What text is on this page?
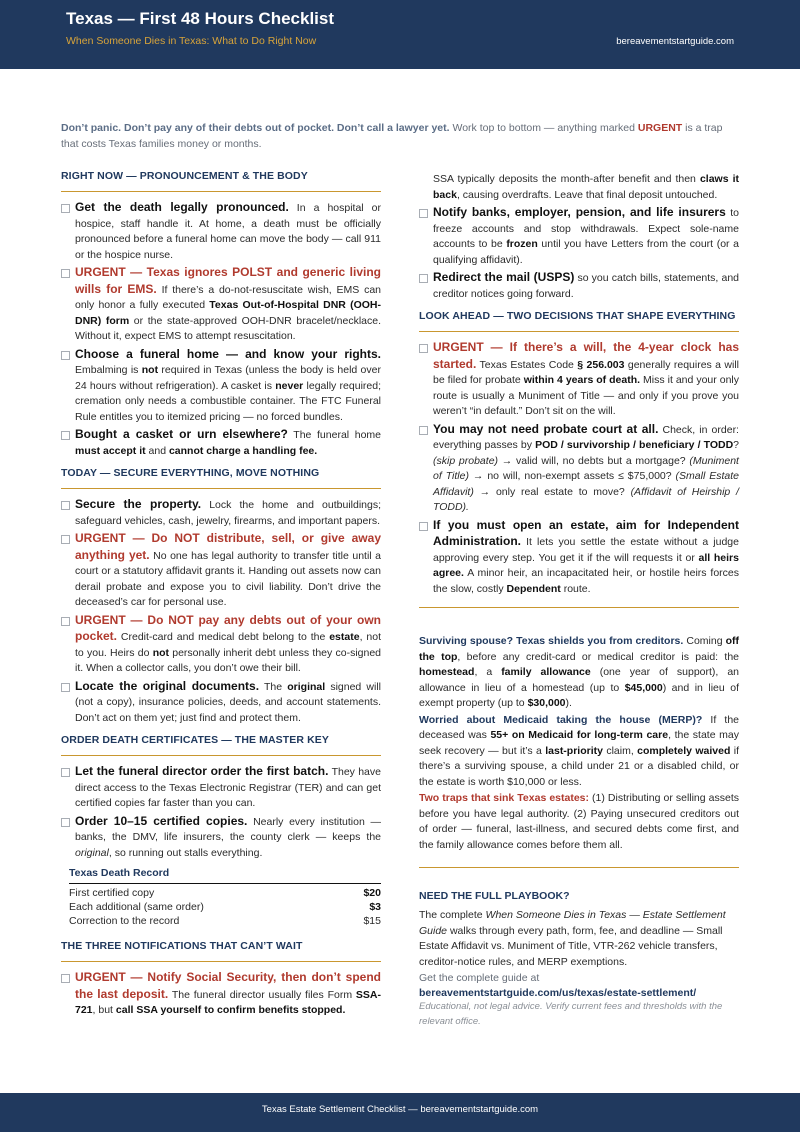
Texas — First 48 Hours Checklist
When Someone Dies in Texas: What to Do Right Now	bereavementstartguide.com
Don’t panic. Don’t pay any of their debts out of pocket. Don’t call a lawyer yet. Work top to bottom — anything marked URGENT is a trap that costs Texas families money or months.
RIGHT NOW — PRONOUNCEMENT & THE BODY
Get the death legally pronounced. In a hospital or hospice, staff handle it. At home, a death must be officially pronounced before a funeral home can move the body — call 911 or the hospice nurse.
URGENT — Texas ignores POLST and generic living wills for EMS. If there’s a do-not-resuscitate wish, EMS can only honor a fully executed Texas Out-of-Hospital DNR (OOH-DNR) form or the state-approved OOH-DNR bracelet/necklace. Without it, expect EMS to attempt resuscitation.
Choose a funeral home — and know your rights. Embalming is not required in Texas (unless the body is held over 24 hours without refrigeration). A casket is never legally required; cremation only needs a combustible container. The FTC Funeral Rule entitles you to itemized pricing — no forced bundles.
Bought a casket or urn elsewhere? The funeral home must accept it and cannot charge a handling fee.
TODAY — SECURE EVERYTHING, MOVE NOTHING
Secure the property. Lock the home and outbuildings; safeguard vehicles, cash, jewelry, firearms, and important papers.
URGENT — Do NOT distribute, sell, or give away anything yet. No one has legal authority to transfer title until a court or a statutory affidavit grants it. Handing out assets now can derail probate and expose you to civil liability. Don’t drive the deceased’s car for personal use.
URGENT — Do NOT pay any debts out of your own pocket. Credit-card and medical debt belong to the estate, not to you. Heirs do not personally inherit debt unless they co-signed it. When a collector calls, you don’t owe their bill.
Locate the original documents. The original signed will (not a copy), insurance policies, deeds, and account statements. Don’t act on them yet; just find and protect them.
ORDER DEATH CERTIFICATES — THE MASTER KEY
Let the funeral director order the first batch. They have direct access to the Texas Electronic Registrar (TER) and can get certified copies far faster than you can.
Order 10–15 certified copies. Nearly every institution — banks, the DMV, life insurers, the county clerk — keeps the original, so running out stalls everything.
Texas Death Record
First certified copy	$20
Each additional (same order)	$3
Correction to the record	$15
THE THREE NOTIFICATIONS THAT CAN’T WAIT
URGENT — Notify Social Security, then don’t spend the last deposit. The funeral director usually files Form SSA-721, but call SSA yourself to confirm benefits stopped.
SSA typically deposits the month-after benefit and then claws it back, causing overdrafts. Leave that final deposit untouched.
Notify banks, employer, pension, and life insurers to freeze accounts and stop withdrawals. Expect sole-name accounts to be frozen until you have Letters from the court (or a qualifying affidavit).
Redirect the mail (USPS) so you catch bills, statements, and creditor notices going forward.
LOOK AHEAD — TWO DECISIONS THAT SHAPE EVERYTHING
URGENT — If there’s a will, the 4-year clock has started. Texas Estates Code § 256.003 generally requires a will be filed for probate within 4 years of death. Miss it and your only route is usually a Muniment of Title — and only if you prove you weren’t “in default.” Don’t sit on the will.
You may not need probate court at all. Check, in order: everything passes by POD / survivorship / beneficiary / TODD? (skip probate) → valid will, no debts but a mortgage? (Muniment of Title) → no will, non-exempt assets ≤ $75,000? (Small Estate Affidavit) → only real estate to move? (Affidavit of Heirship / TODD).
If you must open an estate, aim for Independent Administration. It lets you settle the estate without a judge approving every step. You get it if the will requests it or all heirs agree. A minor heir, an incapacitated heir, or hostile heirs forces the slow, costly Dependent route.
Surviving spouse? Texas shields you from creditors. Coming off the top, before any credit-card or medical creditor is paid: the homestead, a family allowance (one year of support), an allowance in lieu of a homestead (up to $45,000) and in lieu of exempt property (up to $30,000).
Worried about Medicaid taking the house (MERP)? If the deceased was 55+ on Medicaid for long-term care, the state may seek recovery — but it’s a last-priority claim, completely waived if there’s a surviving spouse, a child under 21 or a disabled child, or the estate is worth $10,000 or less.
Two traps that sink Texas estates: (1) Distributing or selling assets before you have legal authority. (2) Paying unsecured creditors out of order — funeral, last-illness, and secured debts come first, and the family allowance comes before them all.
NEED THE FULL PLAYBOOK?
The complete When Someone Dies in Texas — Estate Settlement Guide walks through every path, form, fee, and deadline — Small Estate Affidavit vs. Muniment of Title, VTR-262 vehicle transfers, creditor-notice rules, and MERP exemptions.
Get the complete guide at
bereavementstartguide.com/us/texas/estate-settlement/
Educational, not legal advice. Verify current fees and thresholds with the relevant office.
Texas Estate Settlement Checklist — bereavementstartguide.com
